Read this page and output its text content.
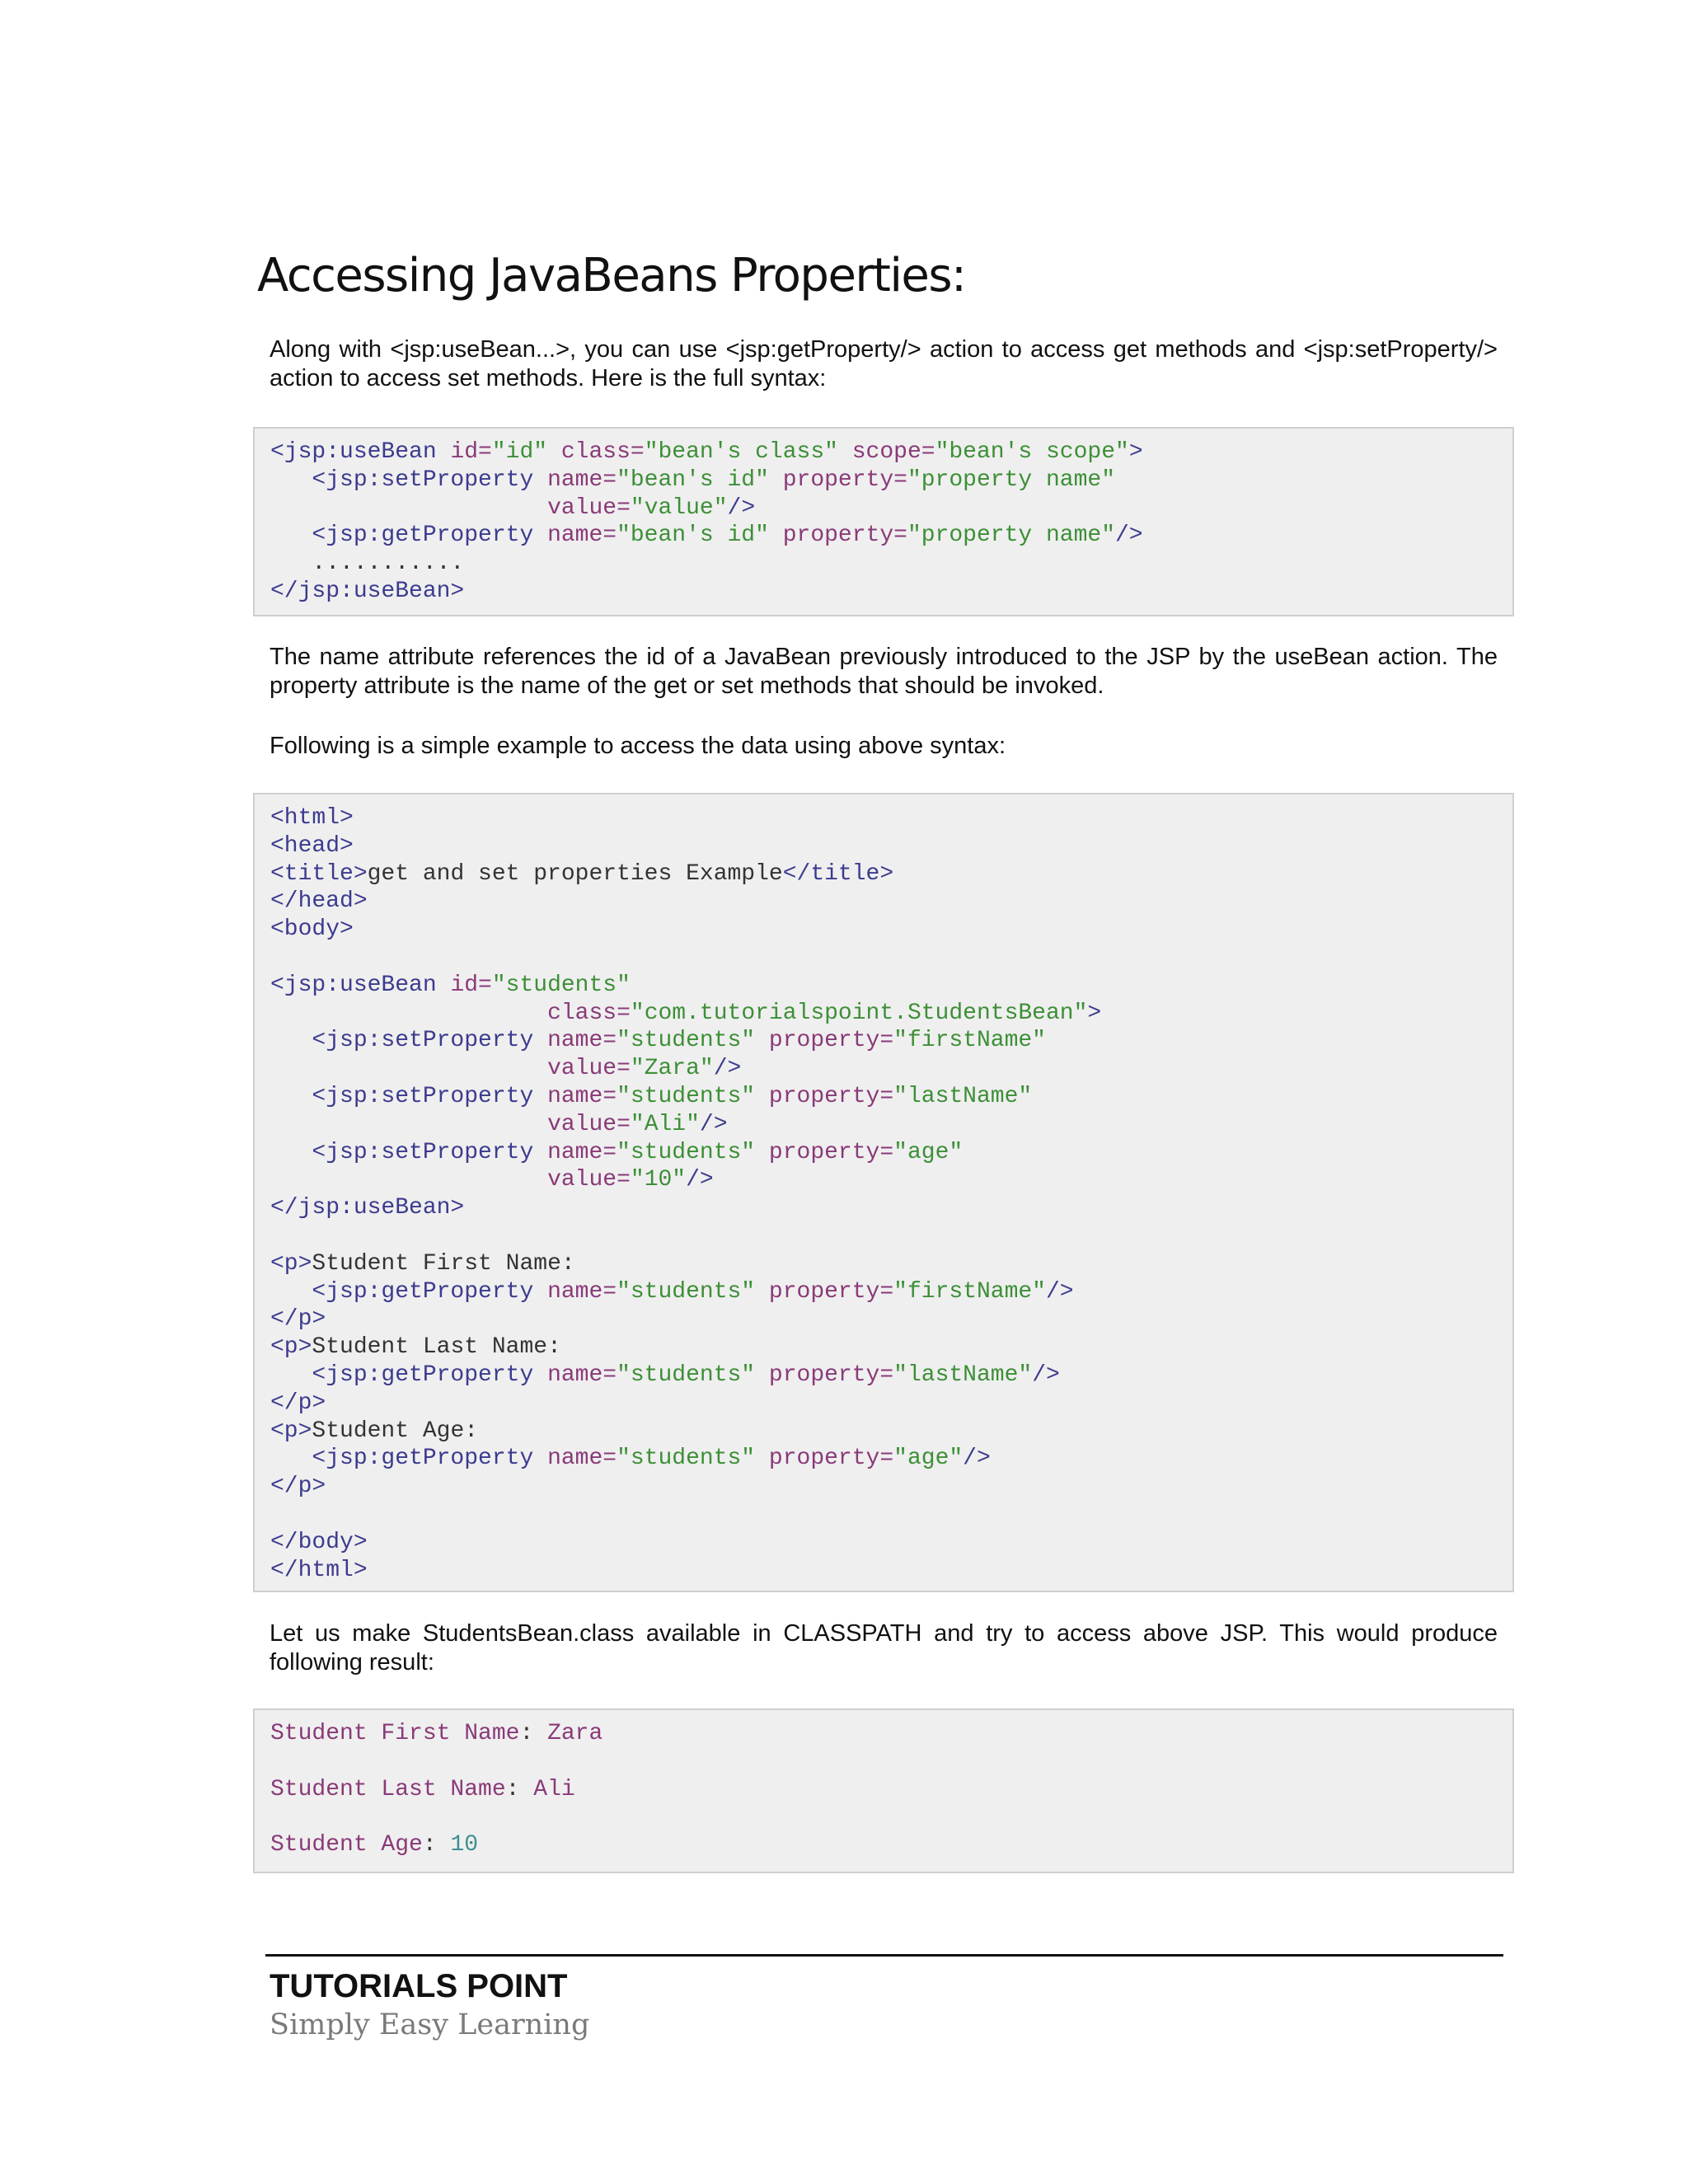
Accessing JavaBeans Properties:

Along with <jsp:useBean...>, you can use <jsp:getProperty/> action to access get methods and <jsp:setProperty/> action to access set methods. Here is the full syntax:

<jsp:useBean id="id" class="bean's class" scope="bean's scope">
<jsp:setProperty name="bean's id" property="property name"
value="value"/>
<jsp:getProperty name="bean's id" property="property name"/>
...........
</jsp:useBean>

The name attribute references the id of a JavaBean previously introduced to the JSP by the useBean action. The property attribute is the name of the get or set methods that should be invoked.

Following is a simple example to access the data using above syntax:

<html>
<head>
<title>get and set properties Example</title>
</head>
<body>

<jsp:useBean id="students"
class="com.tutorialspoint.StudentsBean">
<jsp:setProperty name="students" property="firstName"
value="Zara"/>
<jsp:setProperty name="students" property="lastName"
value="Ali"/>
<jsp:setProperty name="students" property="age"
value="10"/>
</jsp:useBean>

<p>Student First Name:
<jsp:getProperty name="students" property="firstName"/>
</p>
<p>Student Last Name:
<jsp:getProperty name="students" property="lastName"/>
</p>
<p>Student Age:
<jsp:getProperty name="students" property="age"/>
</p>

</body>
</html>

Let us make StudentsBean.class available in CLASSPATH and try to access above JSP. This would produce following result:

Student First Name: Zara

Student Last Name: Ali

Student Age: 10

TUTORIALS POINT

Simply Easy Learning
